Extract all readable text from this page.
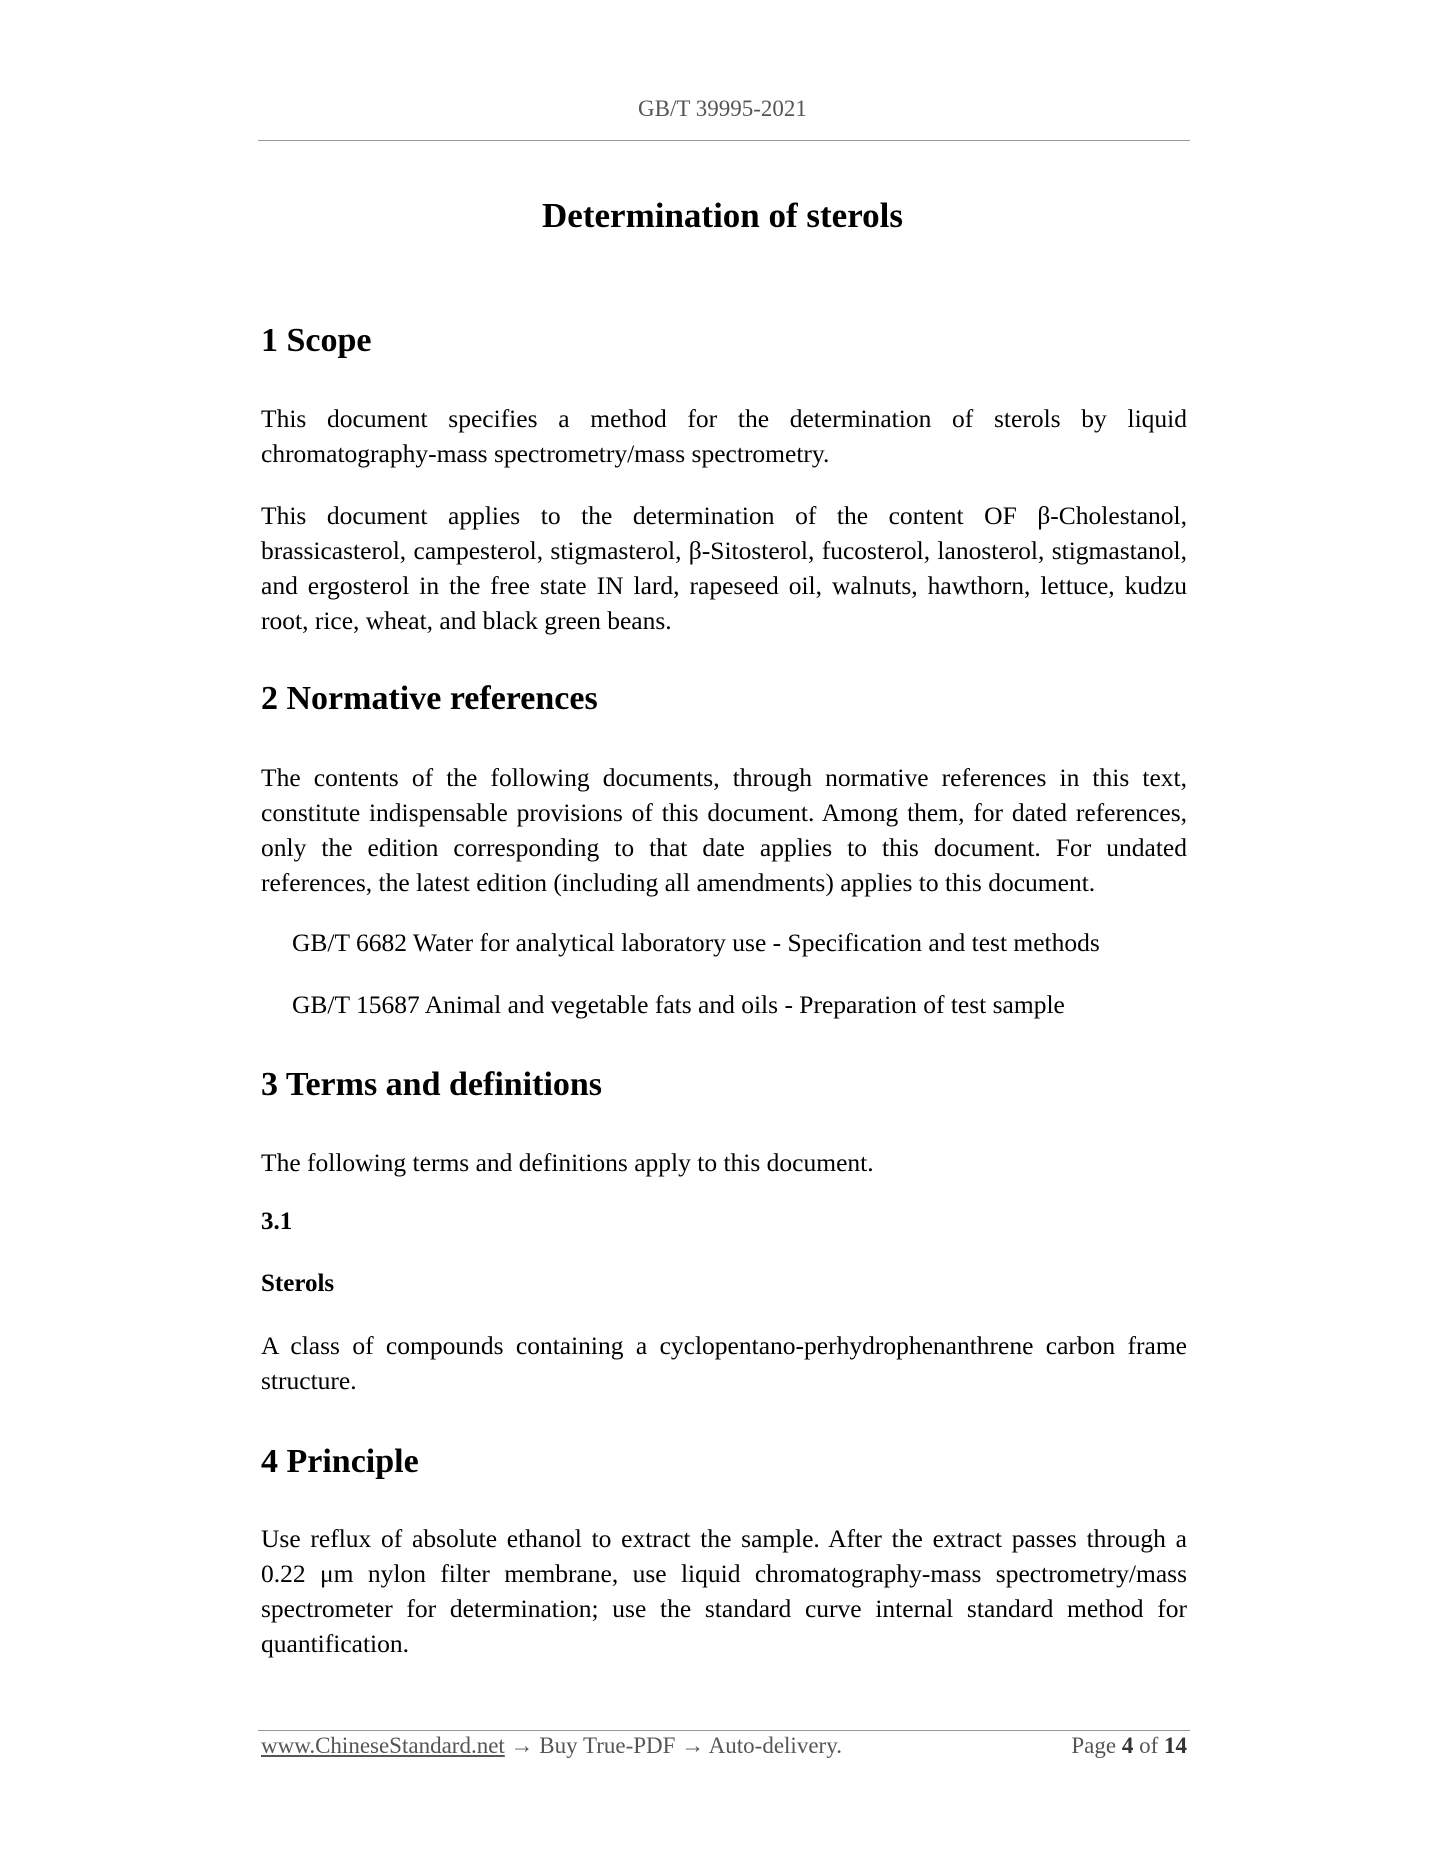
GB/T 39995-2021
Determination of sterols
1 Scope

This document specifies a method for the determination of sterols by liquid chromatography-mass spectrometry/mass spectrometry.

This document applies to the determination of the content OF β-Cholestanol, brassicasterol, campesterol, stigmasterol, β-Sitosterol, fucosterol, lanosterol, stigmastanol, and ergosterol in the free state IN lard, rapeseed oil, walnuts, hawthorn, lettuce, kudzu root, rice, wheat, and black green beans.

2 Normative references

The contents of the following documents, through normative references in this text, constitute indispensable provisions of this document. Among them, for dated references, only the edition corresponding to that date applies to this document. For undated references, the latest edition (including all amendments) applies to this document.

GB/T 6682 Water for analytical laboratory use - Specification and test methods

GB/T 15687 Animal and vegetable fats and oils - Preparation of test sample

3 Terms and definitions

The following terms and definitions apply to this document.

3.1

Sterols

A class of compounds containing a cyclopentano-perhydrophenanthrene carbon frame structure.

4 Principle

Use reflux of absolute ethanol to extract the sample. After the extract passes through a 0.22 μm nylon filter membrane, use liquid chromatography-mass spectrometry/mass spectrometer for determination; use the standard curve internal standard method for quantification.

www.ChineseStandard.net → Buy True-PDF → Auto-delivery.	Page 4 of 14
